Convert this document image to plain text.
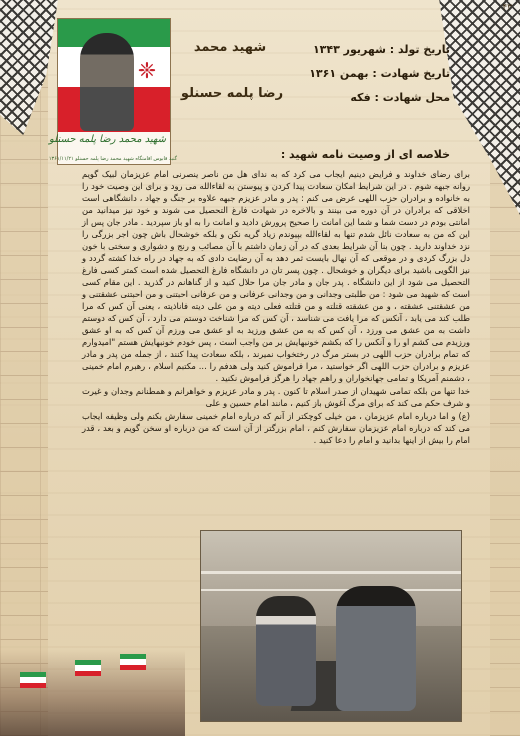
۴۳
❈
شهید محمد رضا پلمه حسنلو
گنبد قابوس اقامتگاه شهید محمد رضا پلمه حسنلو ۱۳۶۱/۱۱/۲۱
شهید محمد
رضا پلمه حسنلو
تاریخ تولد : شهریور ۱۳۴۳
تاریخ شهادت : بهمن ۱۳۶۱
محل شهادت : فکه
خلاصه ای از وصیت نامه شهید :

برای رضای خداوند و فرایض دینیم ایجاب می کرد که به ندای هل من ناصر ینصرنی امام عزیزمان لبیک گویم روانه جبهه شوم . در این شرایط امکان سعادت پیدا کردن و پیوستن به لقاءالله می رود و برای این وصیت خود را به خانواده و برادران حزب اللهی عرض می کنم : پدر و مادر عزیزم جبهه علاوه بر جنگ و جهاد ، دانشگاهی است اخلاقی که برادران در آن دوره می بینند و بالاخره در شهادت فارغ التحصیل می شوند و خود نیز میدانید من امانتی بودم در دست شما و شما این امانت را صحیح پرورش دادید و امانت را به او باز سپردید . مادر جان پس از این که من به سعادت نائل شدم تنها به لقاءالله بپیوندم زیاد گریه نکن و بلکه خوشحال باش چون اجر بزرگی را نزد خداوند دارید . چون بنا آن شرایط بعدی که در آن زمان داشتم با آن مصائب و رنج و دشواری و سختی با خون دل بزرگ کردی و در موقعی که آن نهال بایست ثمر دهد به آن رضایت دادی که به جهاد در راه خدا کشته گردد و نیز الگویی باشید برای دیگران و خوشحال . چون پسر تان در دانشگاه فارغ التحصیل شده است کمتر کسی فارغ التحصیل می شود از این دانشگاه . پدر جان و مادر جان مرا حلال کنید و از گناهانم در گذرید . این مقام کسی است که شهید می شود : من طلبتی وجدانی و من وجدانی عرفانی و من عرفانی احبتنی و من احبتنی عشقتنی و من عشقتنی عشقته ، و من عشقته قتلته و من قتلته فعلی دیته و من علی دیته فاناذیته ، یعنی آن کس که مرا طلب کند می یابد ، آنکس که مرا یافت می شناسد ، آن کس که مرا شناخت دوستم می دارد ، آن کس که دوستم داشت به من عشق می ورزد ، آن کس که به من عشق ورزید به او عشق می ورزم آن کس که به او عشق ورزیدم می کشم او را و آنکس را که بکشم خونبهایش بر من واجب است ، پس خودم خونبهایش هستم "امیدوارم که تمام برادران حزب اللهی در بستر مرگ در رختخواب نمیرند ، بلکه سعادت پیدا کنند ، از جمله من پدر و مادر عزیزم و برادران حزب اللهی اگر خواستید ، مرا فراموش کنید ولی هدفم را ... مکتبم اسلام ، رهبرم امام خمینی ، دشمنم آمریکا و تمامی جهانخواران و راهم جهاد را هرگز فراموش نکنید .

خدا تنها من بلکه تمامی شهیدان از صدر اسلام تا کنون . پدر و مادر عزیزم و خواهرانم و همطنانم وجدان و غیرت و شرف حکم می کند که برای مرگ آغوش باز کنیم ، مانند امام حسین و علی

(ع) و اما درباره امام عزیزمان ، من خیلی کوچکتر از آنم که درباره امام خمینی سفارش بکنم ولی وظیفه ایجاب می کند که درباره امام عزیزمان سفارش کنم ، امام بزرگتر از آن است که من درباره او سخن گویم و بعد ، قدر امام را بیش از اینها بدانید و امام را دعا کنید .
